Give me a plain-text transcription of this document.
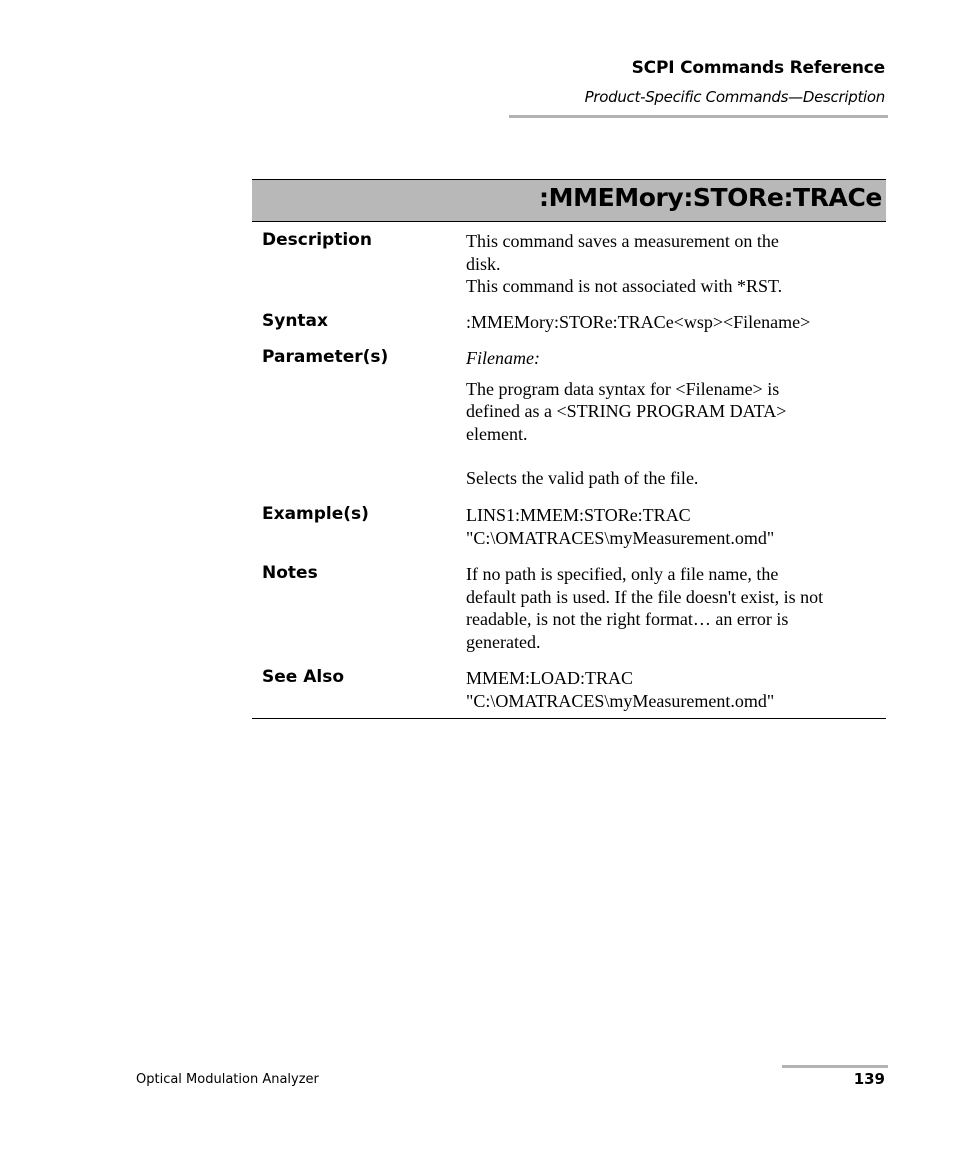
SCPI Commands Reference
Product-Specific Commands—Description
:MMEMory:STORe:TRACe
Description	This command saves a measurement on the

disk.

This command is not associated with *RST.

Syntax	:MMEMory:STORe:TRACe<wsp><Filename>

Parameter(s)	Filename:

The program data syntax for <Filename> is

defined as a <STRING PROGRAM DATA>

element.

Selects the valid path of the file.

Example(s)	LINS1:MMEM:STORe:TRAC

"C:\OMATRACES\myMeasurement.omd"

Notes	If no path is specified, only a file name, the

default path is used. If the file doesn't exist, is not

readable, is not the right format… an error is

generated.

See Also	MMEM:LOAD:TRAC

"C:\OMATRACES\myMeasurement.omd"

Optical Modulation Analyzer	139
